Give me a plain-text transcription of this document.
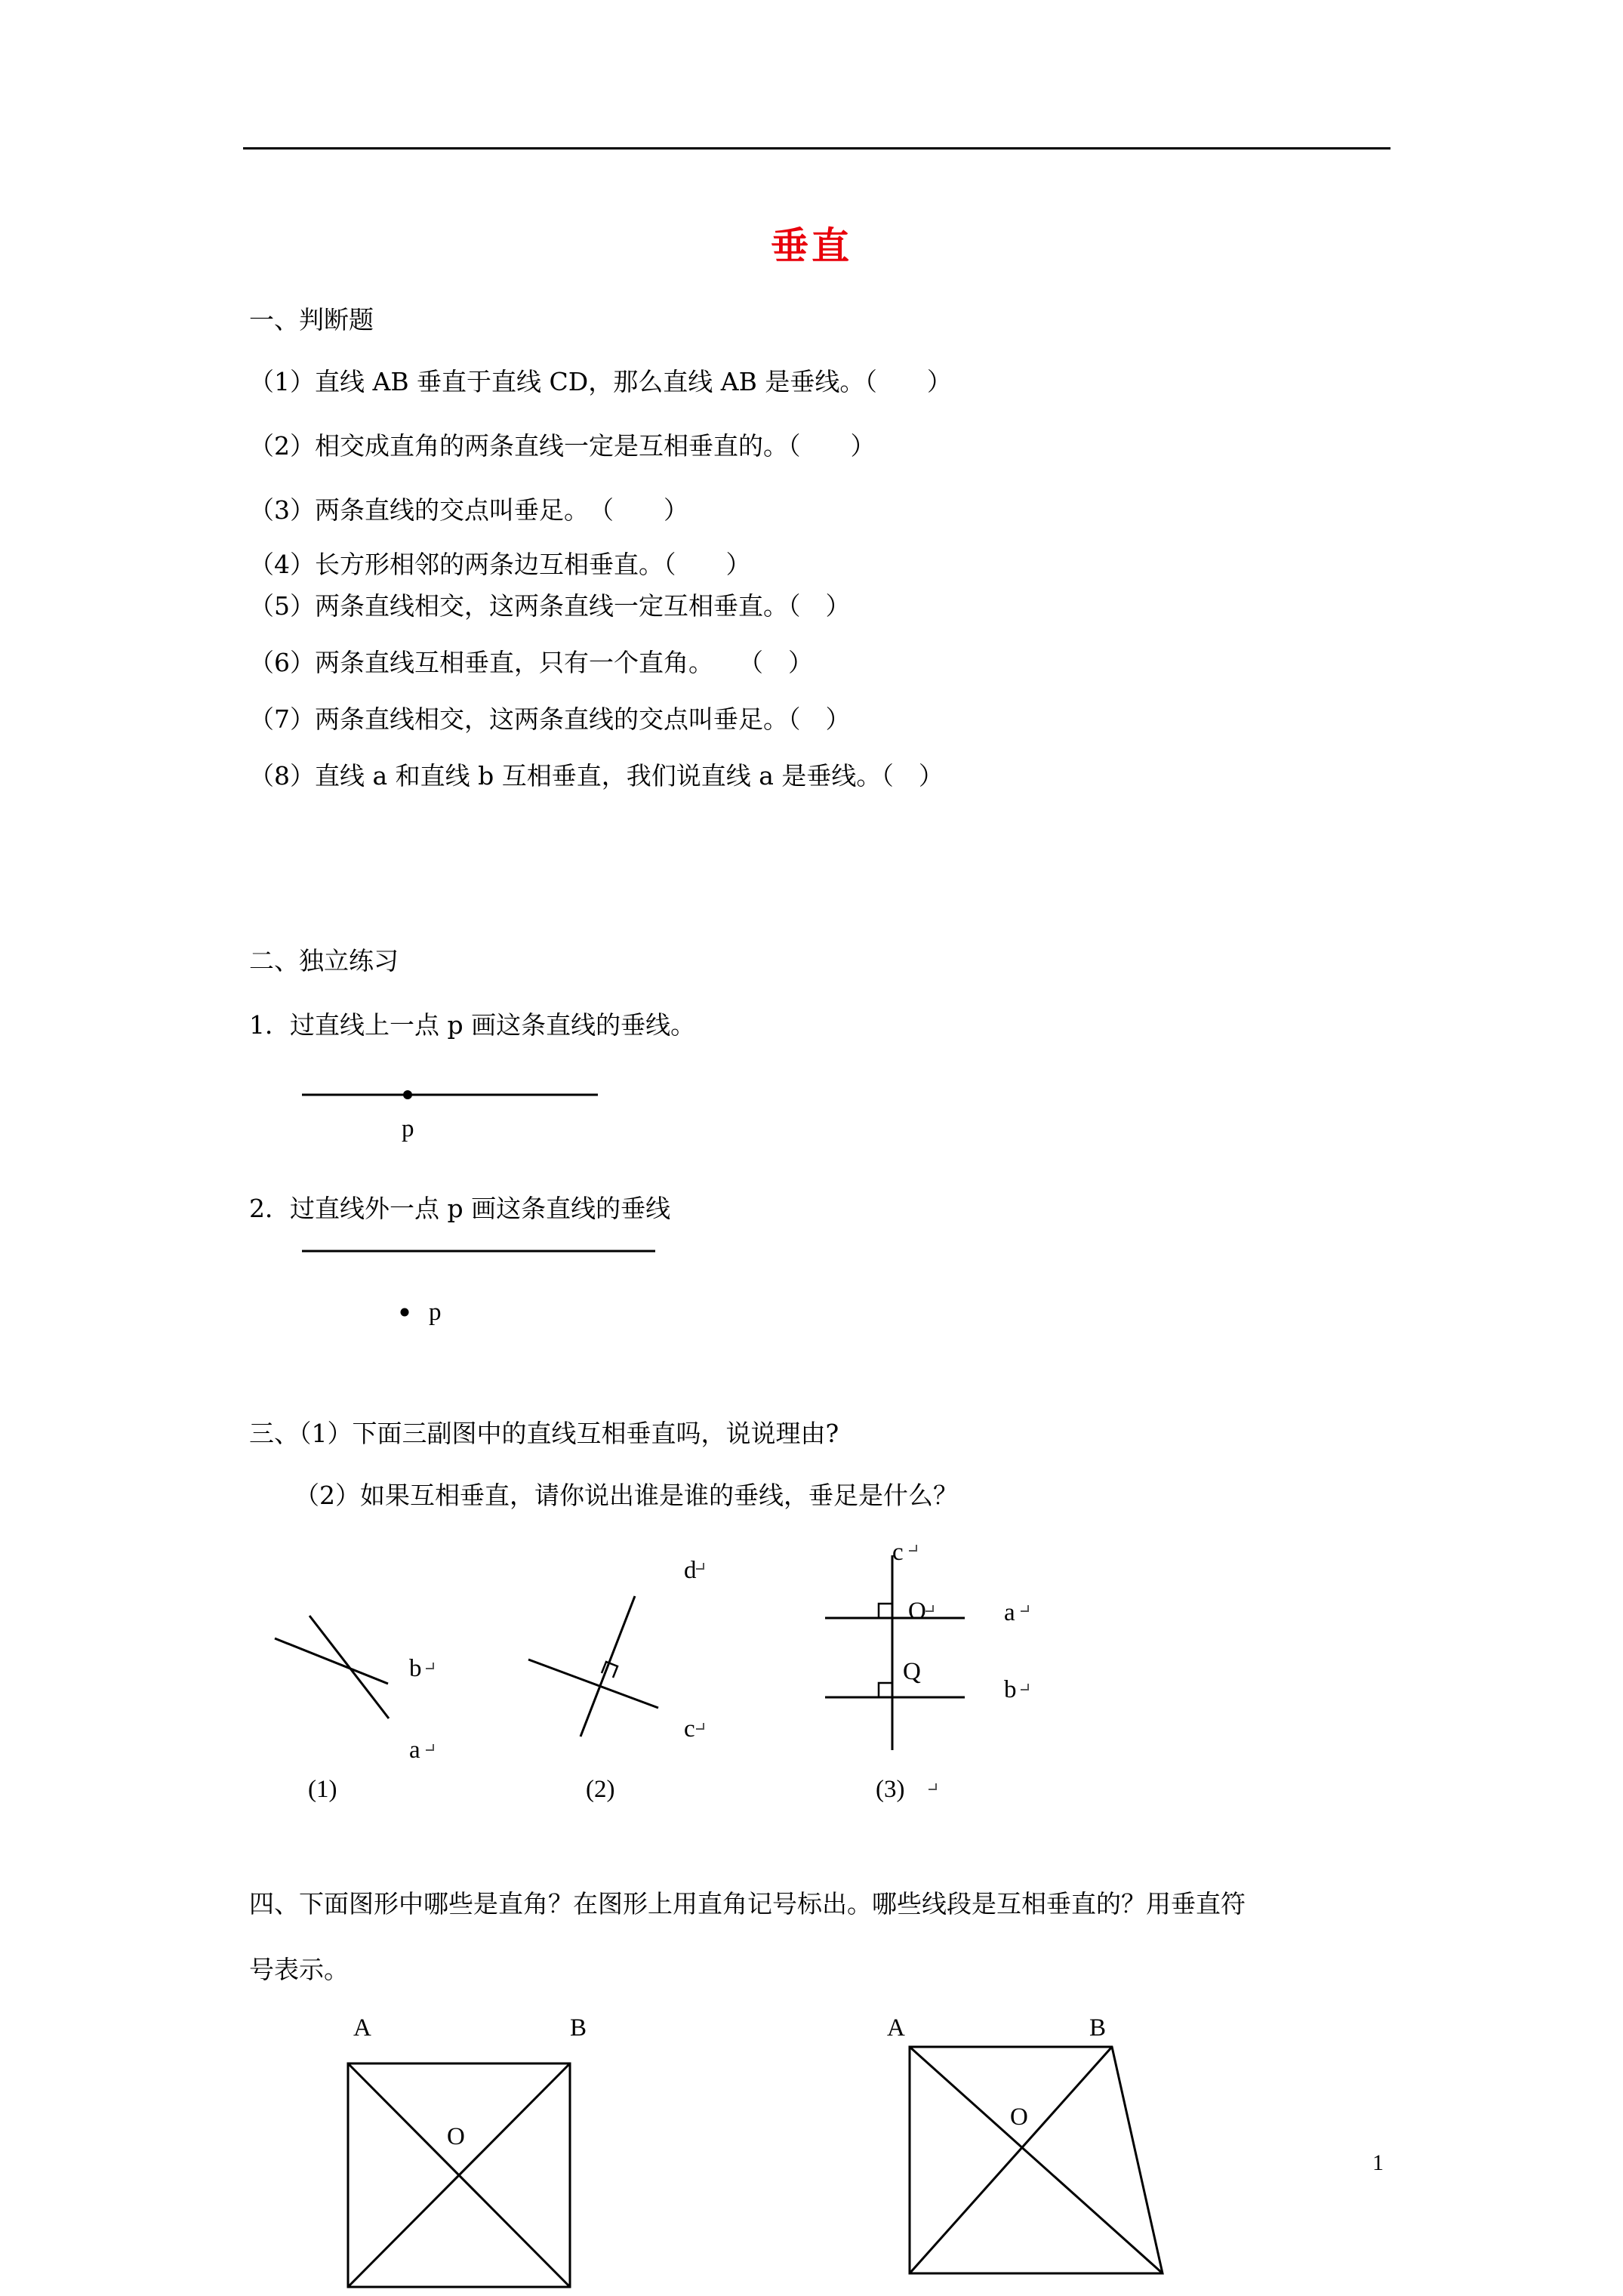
垂直
一、判断题
（1）直线 AB 垂直于直线 CD，那么直线 AB 是垂线。（　　）
（2）相交成直角的两条直线一定是互相垂直的。（　　）
（3）两条直线的交点叫垂足。　（　　）
（4）长方形相邻的两条边互相垂直。（　　）
（5）两条直线相交，这两条直线一定互相垂直。（　）
（6）两条直线互相垂直，只有一个直角。　　（　）
（7）两条直线相交，这两条直线的交点叫垂足。（　）
（8）直线 a 和直线 b 互相垂直，我们说直线 a 是垂线。（　）
二、独立练习
1．过直线上一点 p 画这条直线的垂线。
p
2．过直线外一点 p 画这条直线的垂线
p
三、（1）下面三副图中的直线互相垂直吗，说说理由?
（2）如果互相垂直，请你说出谁是谁的垂线，垂足是什么？
b
a
(1)
d
c
(2)
c
O	a
Q
b
(3)
四、下面图形中哪些是直角？在图形上用直角记号标出。哪些线段是互相垂直的？用垂直符
号表示。
A	B
O
A	B
O
1
